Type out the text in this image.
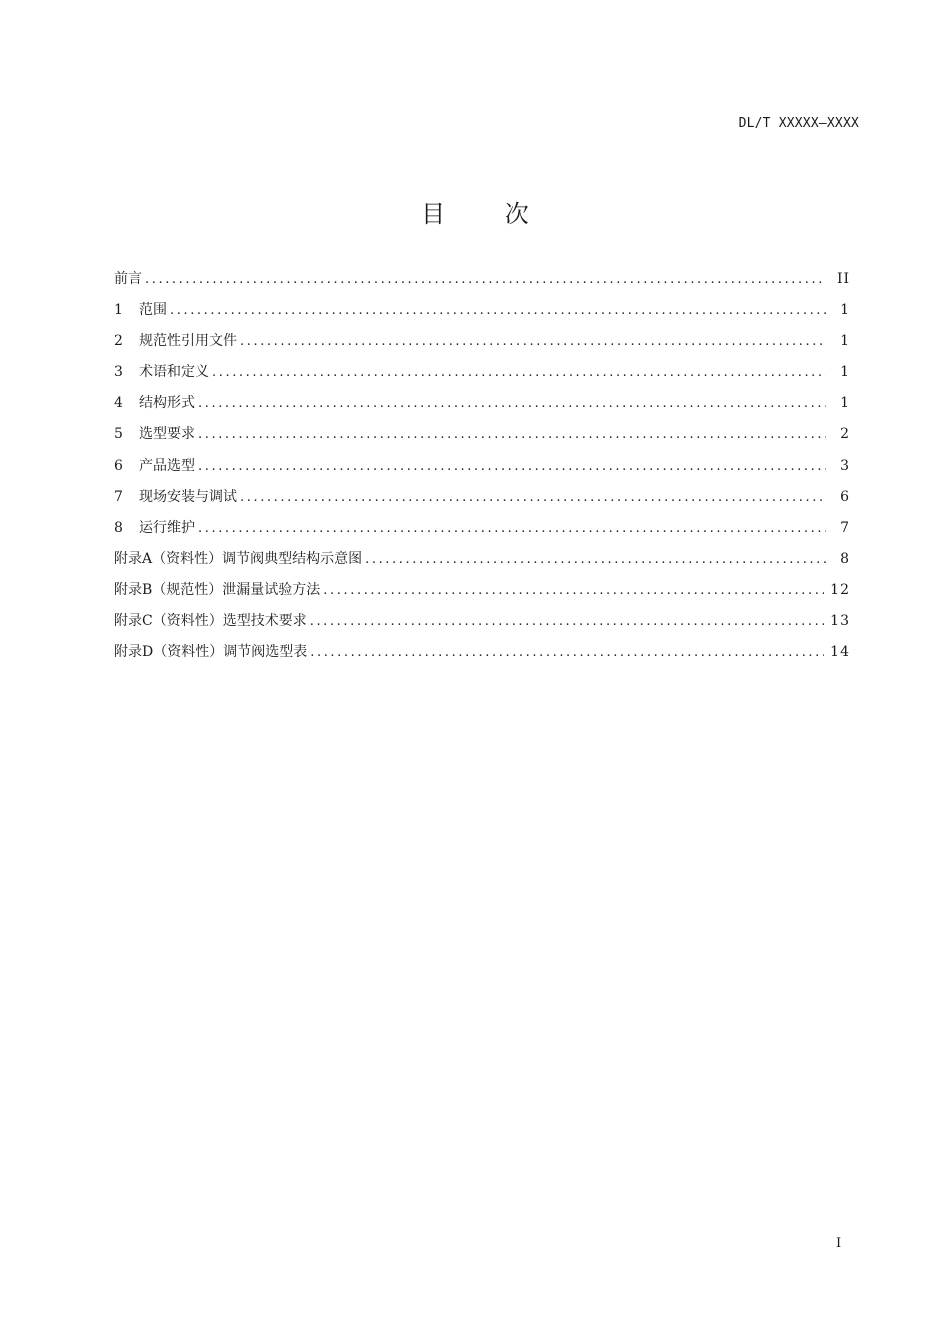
DL/T XXXXX—XXXX
目 次
前言 .....	II
1	范围 .....	1
2	规范性引用文件 .....	1
3	术语和定义 .....	1
4	结构形式 .....	1
5	选型要求 .....	2
6	产品选型 .....	3
7	现场安装与调试 .....	6
8	运行维护 .....	7
附录A（资料性）调节阀典型结构示意图 .....	8
附录B（规范性）泄漏量试验方法 .....	12
附录C（资料性）选型技术要求 .....	13
附录D（资料性）调节阀选型表 .....	14
I
